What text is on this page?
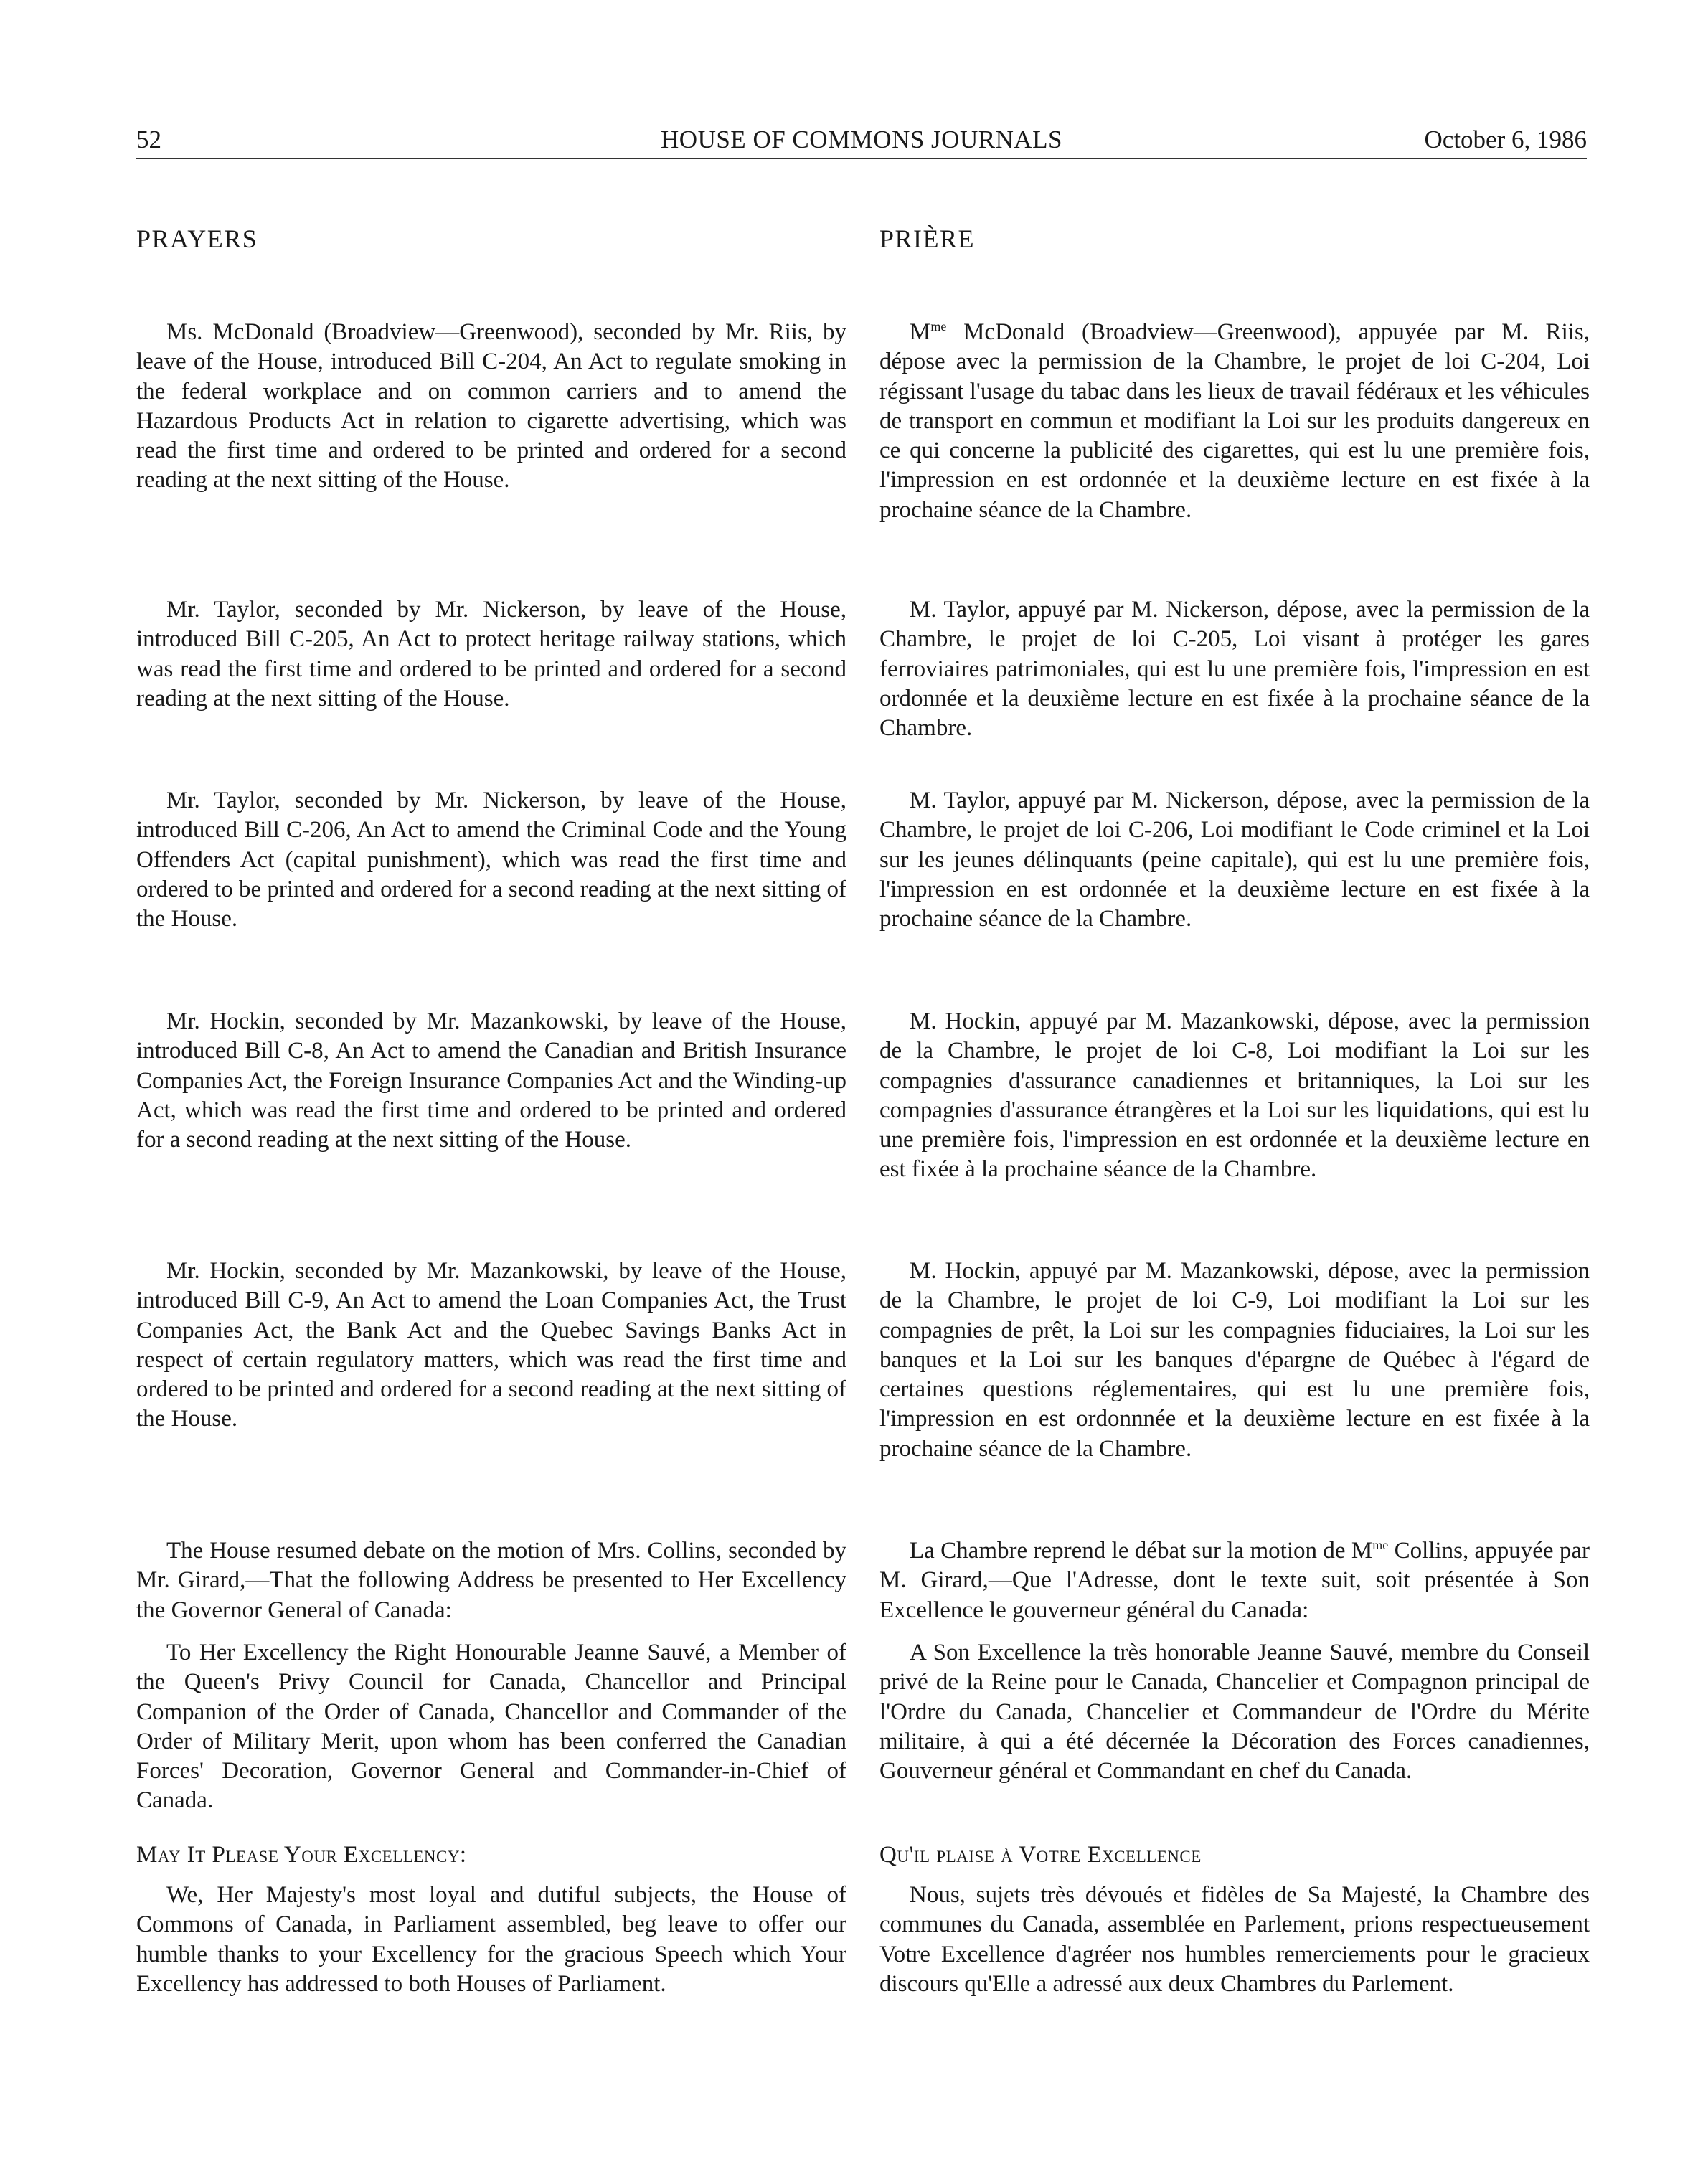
52	HOUSE OF COMMONS JOURNALS	October 6, 1986
PRAYERS

Ms. McDonald (Broadview—Greenwood), seconded by Mr. Riis, by leave of the House, introduced Bill C-204, An Act to regulate smoking in the federal workplace and on common carriers and to amend the Hazardous Products Act in relation to cigarette advertising, which was read the first time and ordered to be printed and ordered for a second reading at the next sitting of the House.

Mr. Taylor, seconded by Mr. Nickerson, by leave of the House, introduced Bill C-205, An Act to protect heritage railway stations, which was read the first time and ordered to be printed and ordered for a second reading at the next sitting of the House.

Mr. Taylor, seconded by Mr. Nickerson, by leave of the House, introduced Bill C-206, An Act to amend the Criminal Code and the Young Offenders Act (capital punishment), which was read the first time and ordered to be printed and ordered for a second reading at the next sitting of the House.

Mr. Hockin, seconded by Mr. Mazankowski, by leave of the House, introduced Bill C-8, An Act to amend the Canadian and British Insurance Companies Act, the Foreign Insurance Companies Act and the Winding-up Act, which was read the first time and ordered to be printed and ordered for a second reading at the next sitting of the House.

Mr. Hockin, seconded by Mr. Mazankowski, by leave of the House, introduced Bill C-9, An Act to amend the Loan Companies Act, the Trust Companies Act, the Bank Act and the Quebec Savings Banks Act in respect of certain regulatory matters, which was read the first time and ordered to be printed and ordered for a second reading at the next sitting of the House.

The House resumed debate on the motion of Mrs. Collins, seconded by Mr. Girard,—That the following Address be presented to Her Excellency the Governor General of Canada:

To Her Excellency the Right Honourable Jeanne Sauvé, a Member of the Queen's Privy Council for Canada, Chancellor and Principal Companion of the Order of Canada, Chancellor and Commander of the Order of Military Merit, upon whom has been conferred the Canadian Forces' Decoration, Governor General and Commander-in-Chief of Canada.

May It Please Your Excellency:

We, Her Majesty's most loyal and dutiful subjects, the House of Commons of Canada, in Parliament assembled, beg leave to offer our humble thanks to your Excellency for the gracious Speech which Your Excellency has addressed to both Houses of Parliament.

PRIÈRE

$M^{me}$ McDonald (Broadview—Greenwood), appuyée par M. Riis, dépose avec la permission de la Chambre, le projet de loi C-204, Loi régissant l'usage du tabac dans les lieux de travail fédéraux et les véhicules de transport en commun et modifiant la Loi sur les produits dangereux en ce qui concerne la publicité des cigarettes, qui est lu une première fois, l'impression en est ordonnée et la deuxième lecture en est fixée à la prochaine séance de la Chambre.

M. Taylor, appuyé par M. Nickerson, dépose, avec la permission de la Chambre, le projet de loi C-205, Loi visant à protéger les gares ferroviaires patrimoniales, qui est lu une première fois, l'impression en est ordonnée et la deuxième lecture en est fixée à la prochaine séance de la Chambre.

M. Taylor, appuyé par M. Nickerson, dépose, avec la permission de la Chambre, le projet de loi C-206, Loi modifiant le Code criminel et la Loi sur les jeunes délinquants (peine capitale), qui est lu une première fois, l'impression en est ordonnée et la deuxième lecture en est fixée à la prochaine séance de la Chambre.

M. Hockin, appuyé par M. Mazankowski, dépose, avec la permission de la Chambre, le projet de loi C-8, Loi modifiant la Loi sur les compagnies d'assurance canadiennes et britanniques, la Loi sur les compagnies d'assurance étrangères et la Loi sur les liquidations, qui est lu une première fois, l'impression en est ordonnée et la deuxième lecture en est fixée à la prochaine séance de la Chambre.

M. Hockin, appuyé par M. Mazankowski, dépose, avec la permission de la Chambre, le projet de loi C-9, Loi modifiant la Loi sur les compagnies de prêt, la Loi sur les compagnies fiduciaires, la Loi sur les banques et la Loi sur les banques d'épargne de Québec à l'égard de certaines questions réglementaires, qui est lu une première fois, l'impression en est ordonnnée et la deuxième lecture en est fixée à la prochaine séance de la Chambre.

La Chambre reprend le débat sur la motion de $M^{me}$ Collins, appuyée par M. Girard,—Que l'Adresse, dont le texte suit, soit présentée à Son Excellence le gouverneur général du Canada:

A Son Excellence la très honorable Jeanne Sauvé, membre du Conseil privé de la Reine pour le Canada, Chancelier et Compagnon principal de l'Ordre du Canada, Chancelier et Commandeur de l'Ordre du Mérite militaire, à qui a été décernée la Décoration des Forces canadiennes, Gouverneur général et Commandant en chef du Canada.

Qu'il plaise à Votre Excellence

Nous, sujets très dévoués et fidèles de Sa Majesté, la Chambre des communes du Canada, assemblée en Parlement, prions respectueusement Votre Excellence d'agréer nos humbles remerciements pour le gracieux discours qu'Elle a adressé aux deux Chambres du Parlement.
